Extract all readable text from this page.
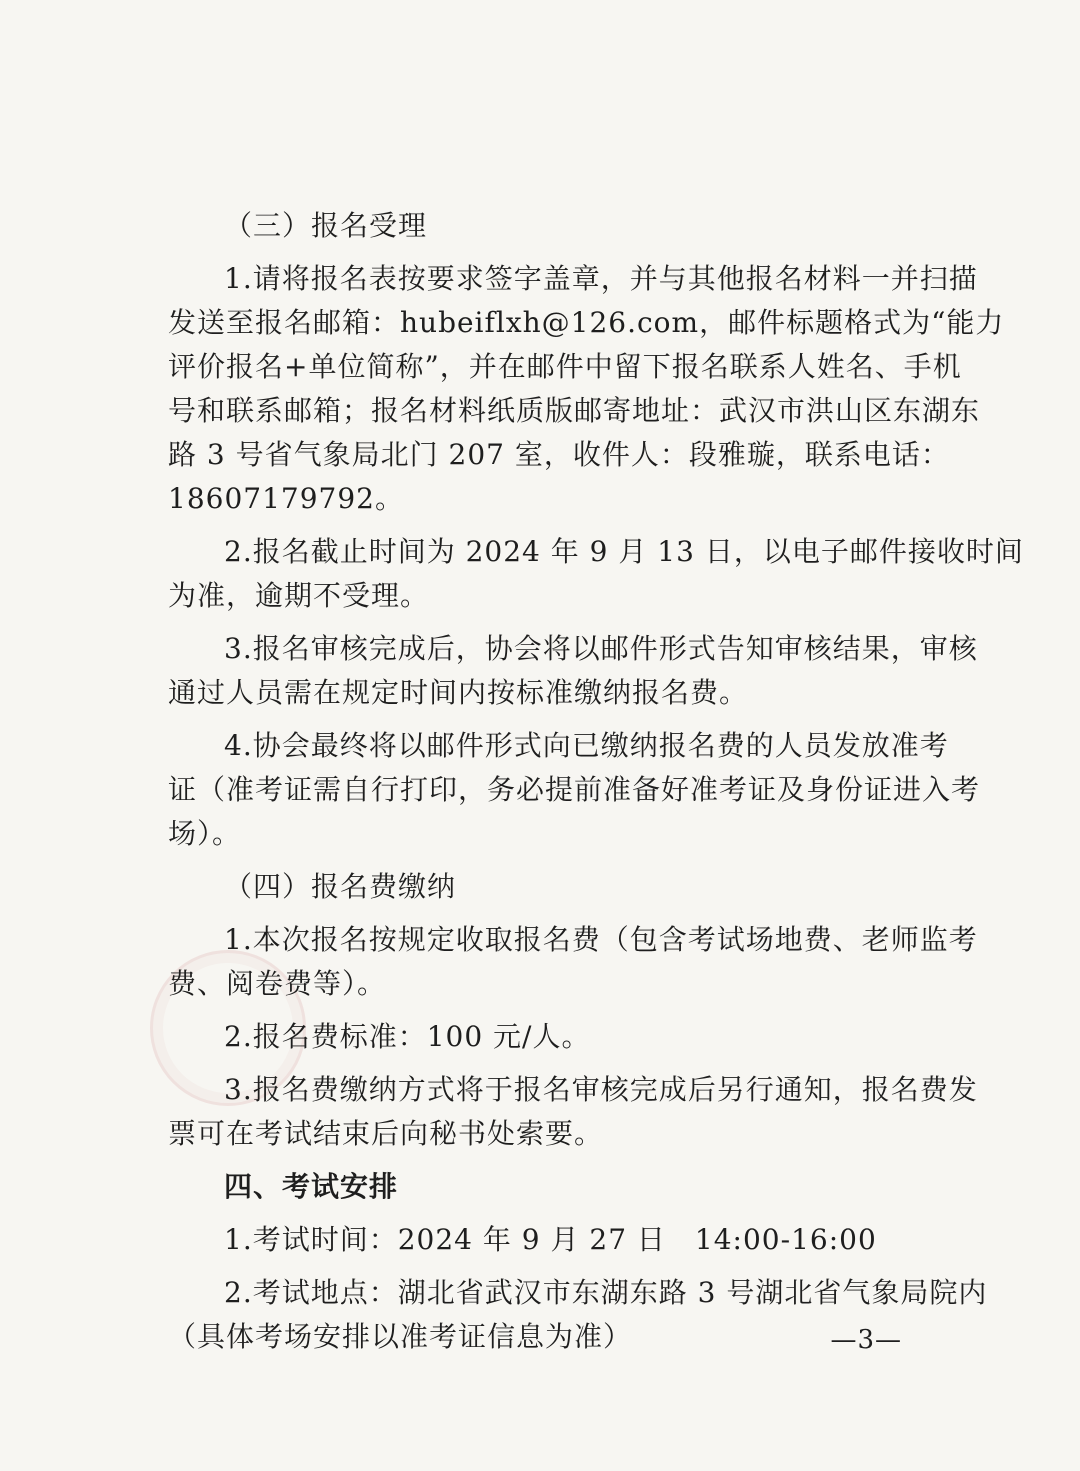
（三）报名受理
1.请将报名表按要求签字盖章，并与其他报名材料一并扫描
发送至报名邮箱：hubeiflxh@126.com，邮件标题格式为“能力
评价报名+单位简称”，并在邮件中留下报名联系人姓名、手机
号和联系邮箱；报名材料纸质版邮寄地址：武汉市洪山区东湖东
路 3 号省气象局北门 207 室，收件人：段雅璇，联系电话：
18607179792。
2.报名截止时间为 2024 年 9 月 13 日，以电子邮件接收时间
为准，逾期不受理。
3.报名审核完成后，协会将以邮件形式告知审核结果，审核
通过人员需在规定时间内按标准缴纳报名费。
4.协会最终将以邮件形式向已缴纳报名费的人员发放准考
证（准考证需自行打印，务必提前准备好准考证及身份证进入考
场）。
（四）报名费缴纳
1.本次报名按规定收取报名费（包含考试场地费、老师监考
费、阅卷费等）。
2.报名费标准：100 元/人。
3.报名费缴纳方式将于报名审核完成后另行通知，报名费发
票可在考试结束后向秘书处索要。
四、考试安排
1.考试时间：2024 年 9 月 27 日　14:00-16:00
2.考试地点：湖北省武汉市东湖东路 3 号湖北省气象局院内
（具体考场安排以准考证信息为准）	—3—
